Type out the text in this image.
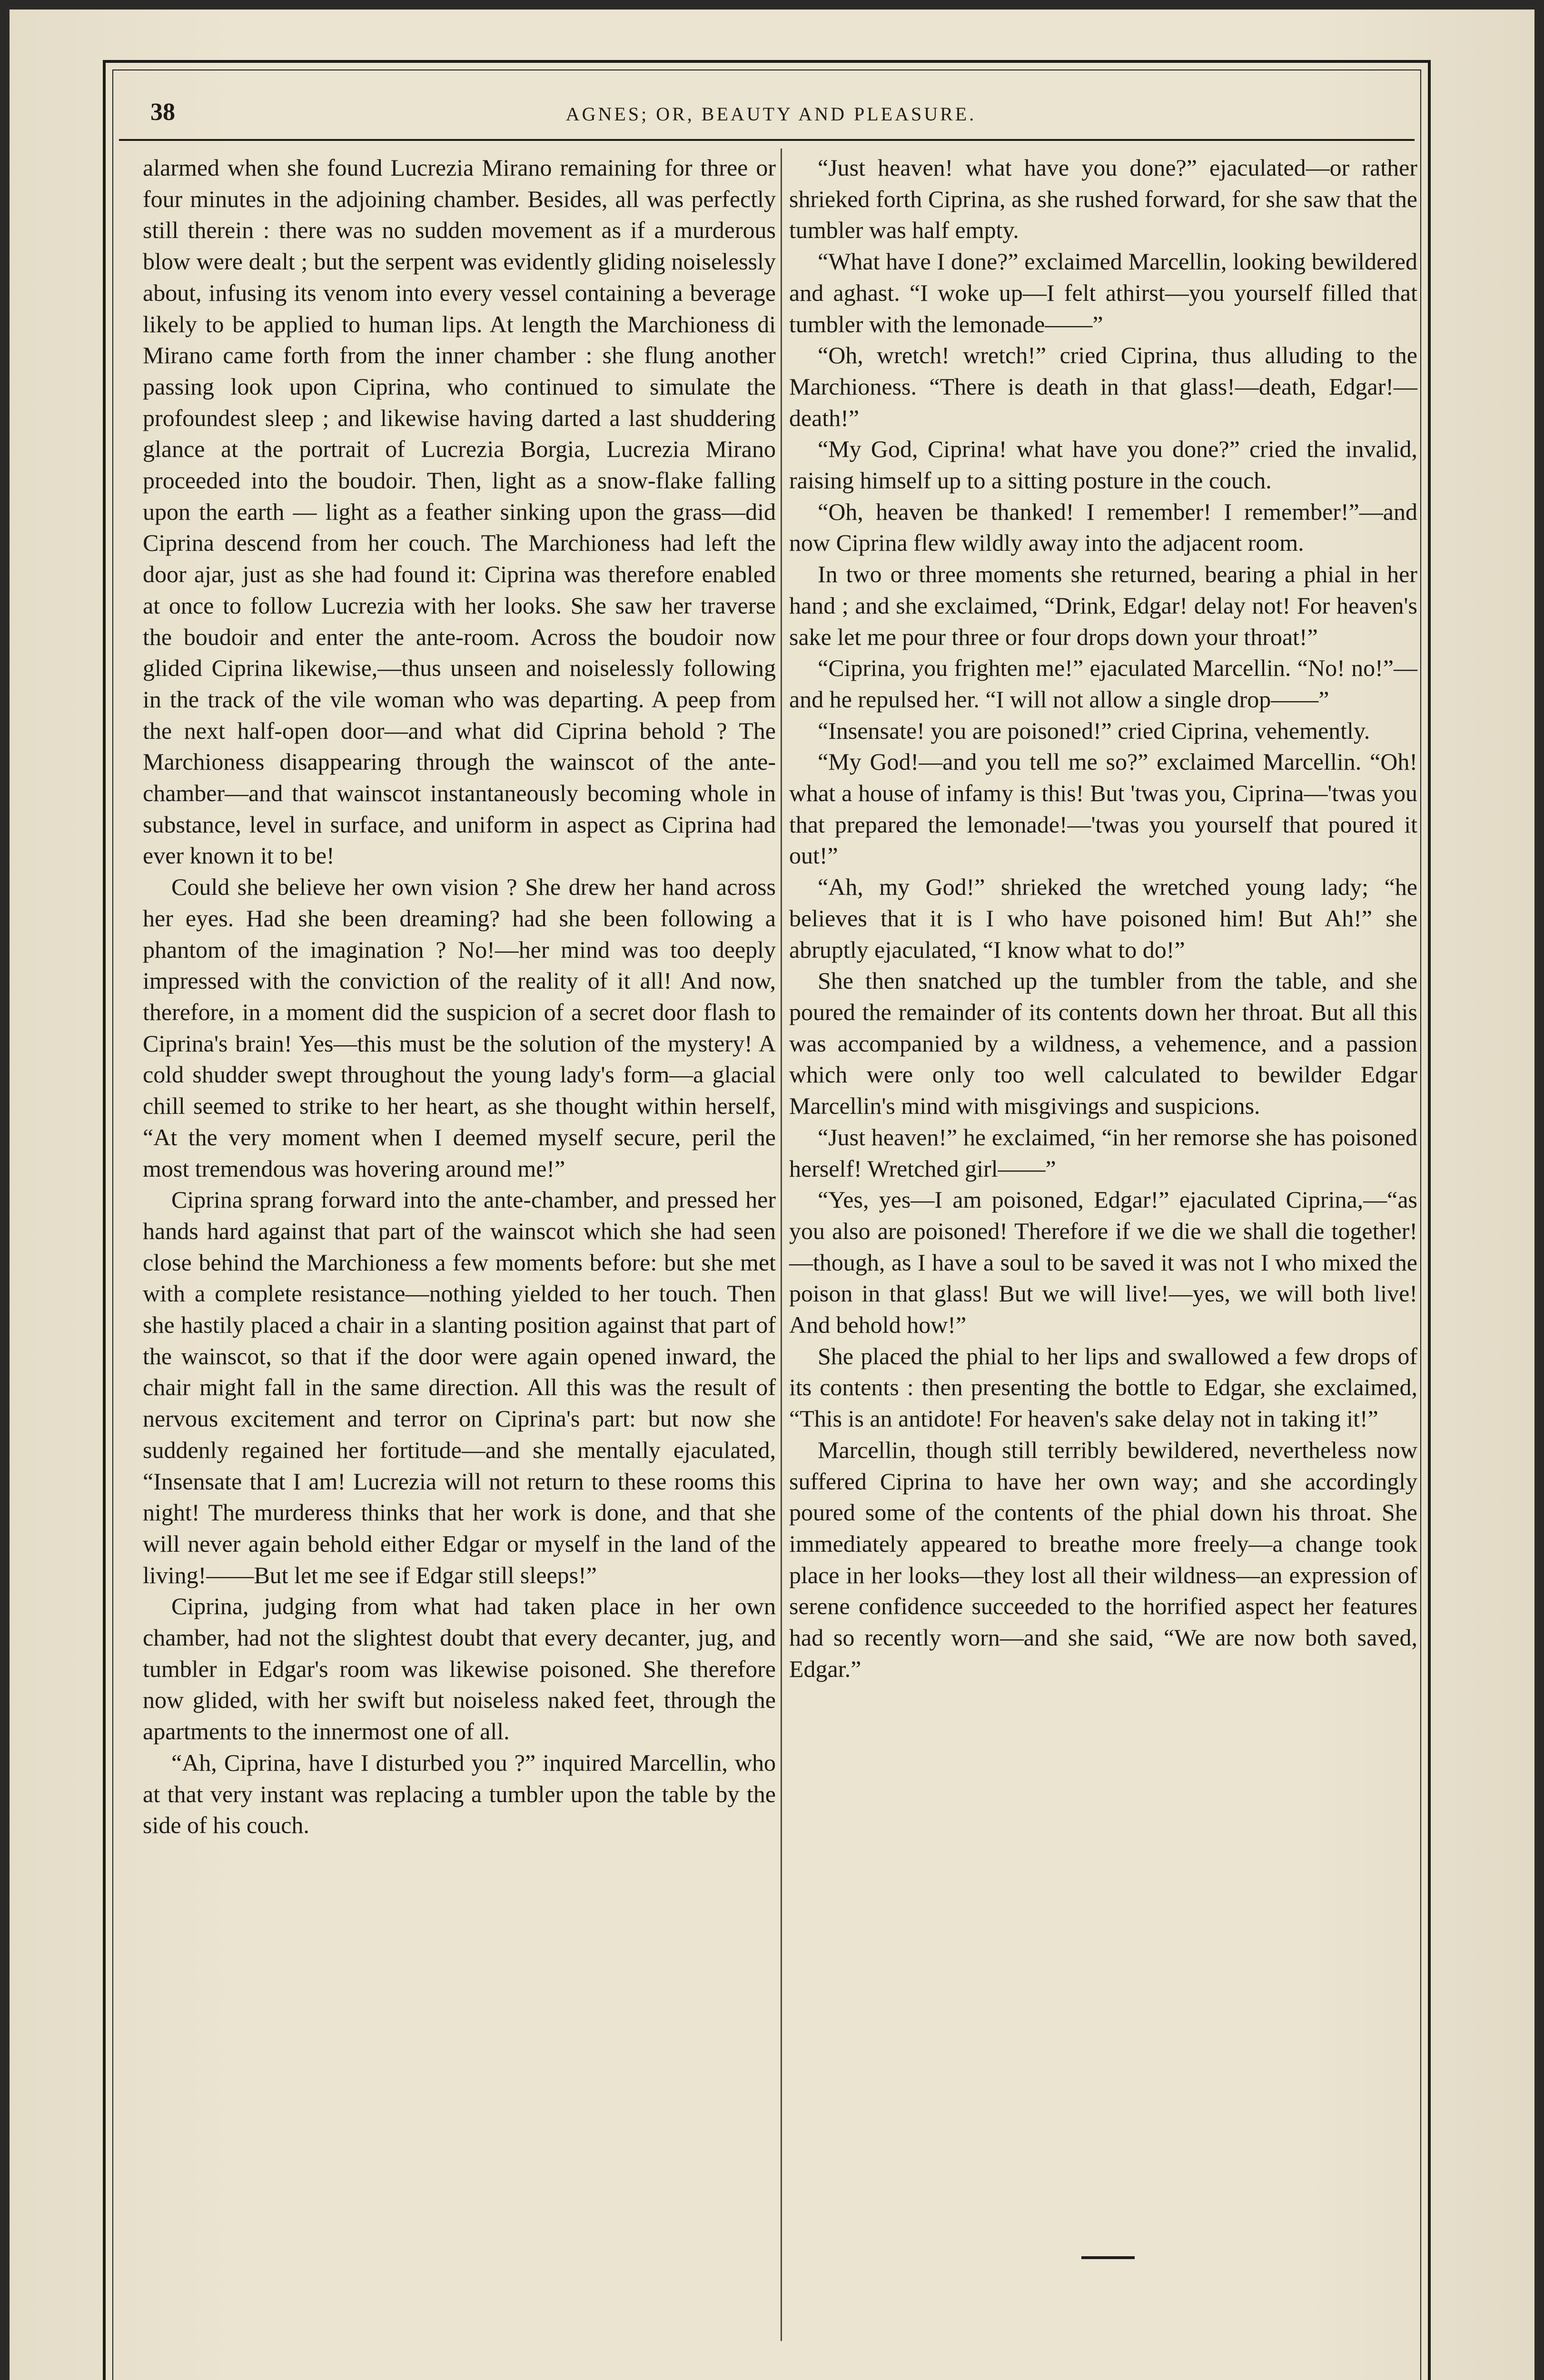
38	AGNES; OR, BEAUTY AND PLEASURE.

alarmed when she found Lucrezia Mirano remaining for three or four minutes in the adjoining chamber. Besides, all was perfectly still therein : there was no sudden movement as if a murderous blow were dealt ; but the serpent was evidently gliding noiselessly about, infusing its venom into every vessel containing a beverage likely to be applied to human lips. At length the Marchioness di Mirano came forth from the inner chamber : she flung another passing look upon Ciprina, who continued to simulate the profoundest sleep ; and likewise having darted a last shuddering glance at the portrait of Lucrezia Borgia, Lucrezia Mirano proceeded into the boudoir. Then, light as a snow-flake falling upon the earth — light as a feather sinking upon the grass—did Ciprina descend from her couch. The Marchioness had left the door ajar, just as she had found it: Ciprina was therefore enabled at once to follow Lucrezia with her looks. She saw her traverse the boudoir and enter the ante-room. Across the boudoir now glided Ciprina likewise,—thus unseen and noiselessly following in the track of the vile woman who was departing. A peep from the next half-open door—and what did Ciprina behold ? The Marchioness disappearing through the wainscot of the ante-chamber—and that wainscot instantaneously becoming whole in substance, level in surface, and uniform in aspect as Ciprina had ever known it to be!

Could she believe her own vision ? She drew her hand across her eyes. Had she been dreaming? had she been following a phantom of the imagination ? No!—her mind was too deeply impressed with the conviction of the reality of it all! And now, therefore, in a moment did the suspicion of a secret door flash to Ciprina's brain! Yes—this must be the solution of the mystery! A cold shudder swept throughout the young lady's form—a glacial chill seemed to strike to her heart, as she thought within herself, “At the very moment when I deemed myself secure, peril the most tremendous was hovering around me!”

Ciprina sprang forward into the ante-chamber, and pressed her hands hard against that part of the wainscot which she had seen close behind the Marchioness a few moments before: but she met with a complete resistance—nothing yielded to her touch. Then she hastily placed a chair in a slanting position against that part of the wainscot, so that if the door were again opened inward, the chair might fall in the same direction. All this was the result of nervous excitement and terror on Ciprina's part: but now she suddenly regained her fortitude—and she mentally ejaculated, “Insensate that I am! Lucrezia will not return to these rooms this night! The murderess thinks that her work is done, and that she will never again behold either Edgar or myself in the land of the living!——But let me see if Edgar still sleeps!”

Ciprina, judging from what had taken place in her own chamber, had not the slightest doubt that every decanter, jug, and tumbler in Edgar's room was likewise poisoned. She therefore now glided, with her swift but noiseless naked feet, through the apartments to the innermost one of all.

“Ah, Ciprina, have I disturbed you ?” inquired Marcellin, who at that very instant was replacing a tumbler upon the table by the side of his couch.

“Just heaven! what have you done?” ejaculated—or rather shrieked forth Ciprina, as she rushed forward, for she saw that the tumbler was half empty.

“What have I done?” exclaimed Marcellin, looking bewildered and aghast. “I woke up—I felt athirst—you yourself filled that tumbler with the lemonade——”

“Oh, wretch! wretch!” cried Ciprina, thus alluding to the Marchioness. “There is death in that glass!—death, Edgar!—death!”

“My God, Ciprina! what have you done?” cried the invalid, raising himself up to a sitting posture in the couch.

“Oh, heaven be thanked! I remember! I remember!”—and now Ciprina flew wildly away into the adjacent room.

In two or three moments she returned, bearing a phial in her hand ; and she exclaimed, “Drink, Edgar! delay not! For heaven's sake let me pour three or four drops down your throat!”

“Ciprina, you frighten me!” ejaculated Marcellin. “No! no!”—and he repulsed her. “I will not allow a single drop——”

“Insensate! you are poisoned!” cried Ciprina, vehemently.

“My God!—and you tell me so?” exclaimed Marcellin. “Oh! what a house of infamy is this! But 'twas you, Ciprina—'twas you that prepared the lemonade!—'twas you yourself that poured it out!”

“Ah, my God!” shrieked the wretched young lady; “he believes that it is I who have poisoned him! But Ah!” she abruptly ejaculated, “I know what to do!”

She then snatched up the tumbler from the table, and she poured the remainder of its contents down her throat. But all this was accompanied by a wildness, a vehemence, and a passion which were only too well calculated to bewilder Edgar Marcellin's mind with misgivings and suspicions.

“Just heaven!” he exclaimed, “in her remorse she has poisoned herself! Wretched girl——”

“Yes, yes—I am poisoned, Edgar!” ejaculated Ciprina,—“as you also are poisoned! Therefore if we die we shall die together!—though, as I have a soul to be saved it was not I who mixed the poison in that glass! But we will live!—yes, we will both live! And behold how!”

She placed the phial to her lips and swallowed a few drops of its contents : then presenting the bottle to Edgar, she exclaimed, “This is an antidote! For heaven's sake delay not in taking it!”

Marcellin, though still terribly bewildered, nevertheless now suffered Ciprina to have her own way; and she accordingly poured some of the contents of the phial down his throat. She immediately appeared to breathe more freely—a change took place in her looks—they lost all their wildness—an expression of serene confidence succeeded to the horrified aspect her features had so recently worn—and she said, “We are now both saved, Edgar.”
